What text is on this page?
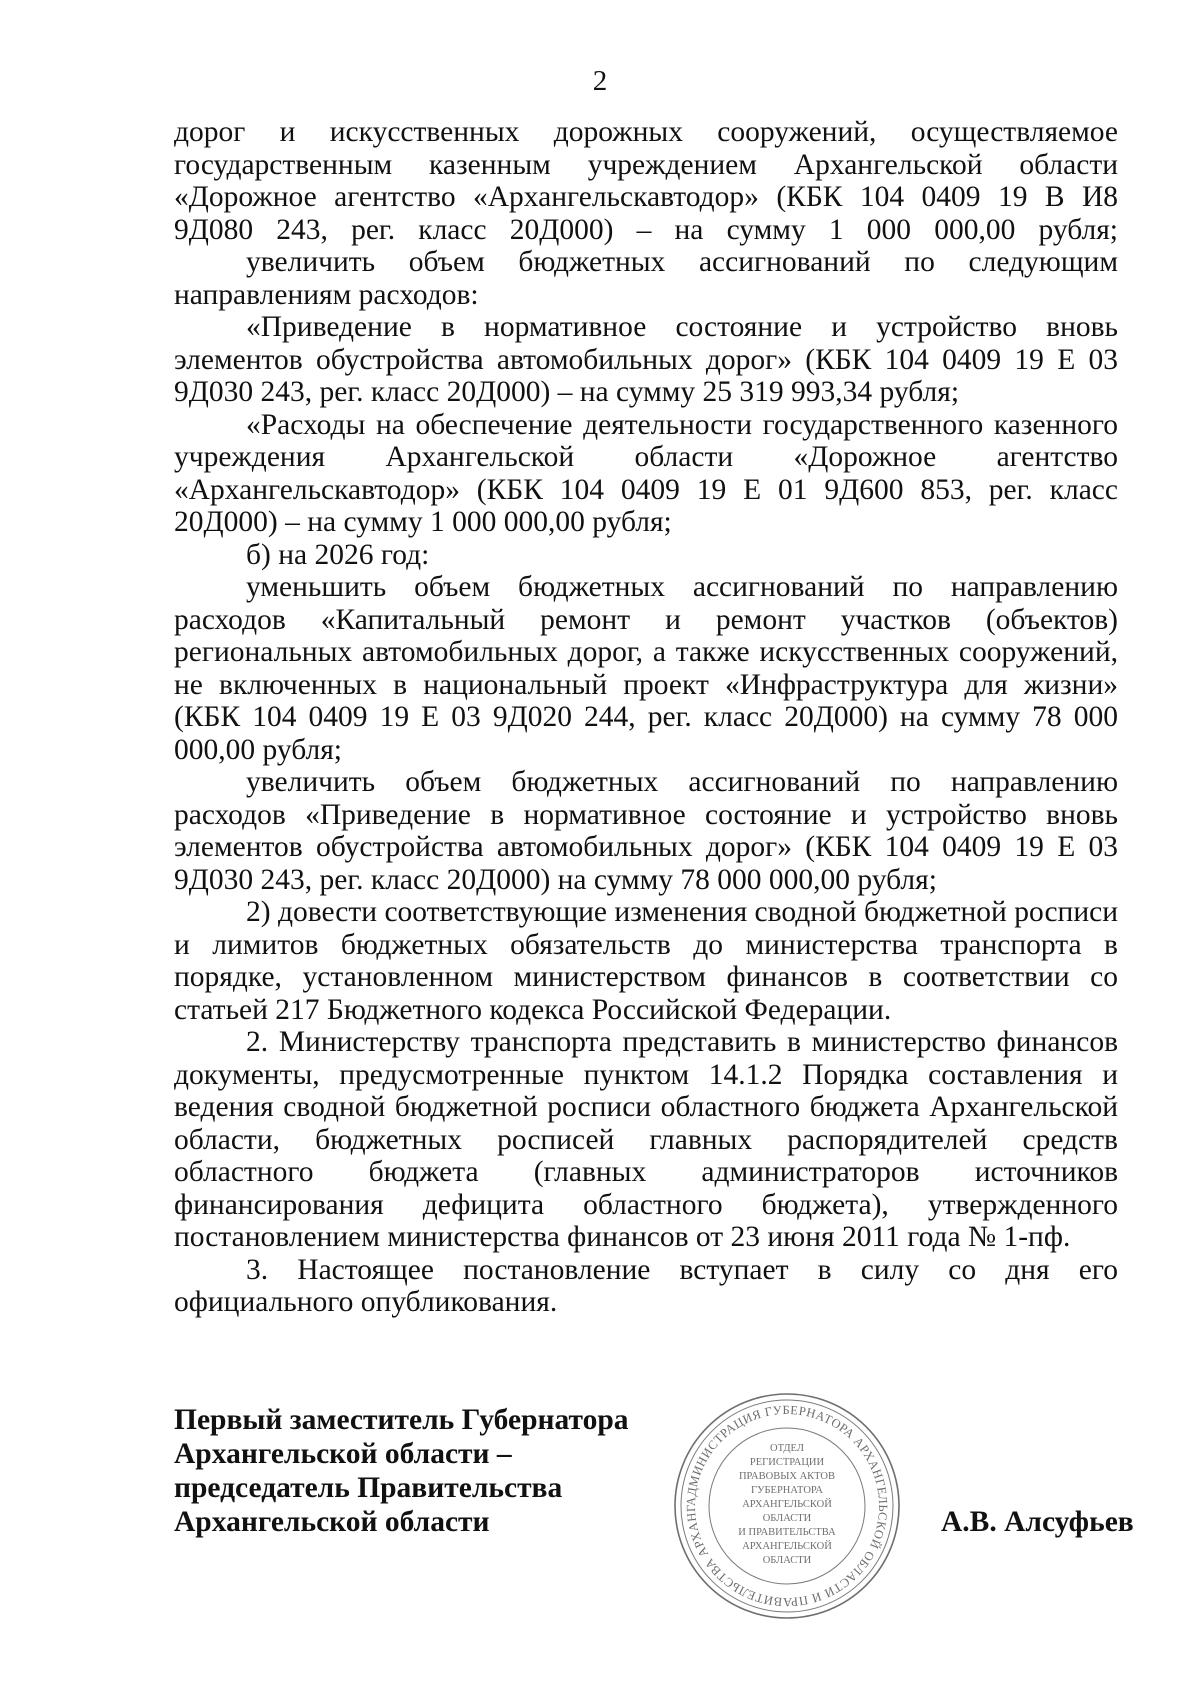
2

дорог и искусственных дорожных сооружений, осуществляемое государственным казенным учреждением Архангельской области «Дорожное агентство «Архангельскавтодор» (КБК 104 0409 19 В И8 9Д080 243, рег. класс 20Д000) – на сумму 1 000 000,00 рубля;

увеличить объем бюджетных ассигнований по следующим направлениям расходов:

«Приведение в нормативное состояние и устройство вновь элементов обустройства автомобильных дорог» (КБК 104 0409 19 Е 03 9Д030 243, рег. класс 20Д000) – на сумму 25 319 993,34 рубля;

«Расходы на обеспечение деятельности государственного казенного учреждения Архангельской области «Дорожное агентство «Архангельскавтодор» (КБК 104 0409 19 Е 01 9Д600 853, рег. класс 20Д000) – на сумму 1 000 000,00 рубля;

б) на 2026 год:

уменьшить объем бюджетных ассигнований по направлению расходов «Капитальный ремонт и ремонт участков (объектов) региональных автомобильных дорог, а также искусственных сооружений, не включенных в национальный проект «Инфраструктура для жизни» (КБК 104 0409 19 Е 03 9Д020 244, рег. класс 20Д000) на сумму 78 000 000,00 рубля;

увеличить объем бюджетных ассигнований по направлению расходов «Приведение в нормативное состояние и устройство вновь элементов обустройства автомобильных дорог» (КБК 104 0409 19 Е 03 9Д030 243, рег. класс 20Д000) на сумму 78 000 000,00 рубля;

2) довести соответствующие изменения сводной бюджетной росписи и лимитов бюджетных обязательств до министерства транспорта в порядке, установленном министерством финансов в соответствии со статьей 217 Бюджетного кодекса Российской Федерации.

2. Министерству транспорта представить в министерство финансов документы, предусмотренные пунктом 14.1.2 Порядка составления и ведения сводной бюджетной росписи областного бюджета Архангельской области, бюджетных росписей главных распорядителей средств областного бюджета (главных администраторов источников финансирования дефицита областного бюджета), утвержденного постановлением министерства финансов от 23 июня 2011 года № 1-пф.

3. Настоящее постановление вступает в силу со дня его официального опубликования.

Первый заместитель Губернатора
Архангельской области –
председатель Правительства
Архангельской области
АДМИНИСТРАЦИЯ ГУБЕРНАТОРА АРХАНГЕЛЬСКОЙ ОБЛАСТИ И ПРАВИТЕЛЬСТВА АРХАНГ
ОТДЕЛ
РЕГИСТРАЦИИ
ПРАВОВЫХ АКТОВ
ГУБЕРНАТОРА
АРХАНГЕЛЬСКОЙ
ОБЛАСТИ
И ПРАВИТЕЛЬСТВА
АРХАНГЕЛЬСКОЙ
ОБЛАСТИ
А.В. Алсуфьев
